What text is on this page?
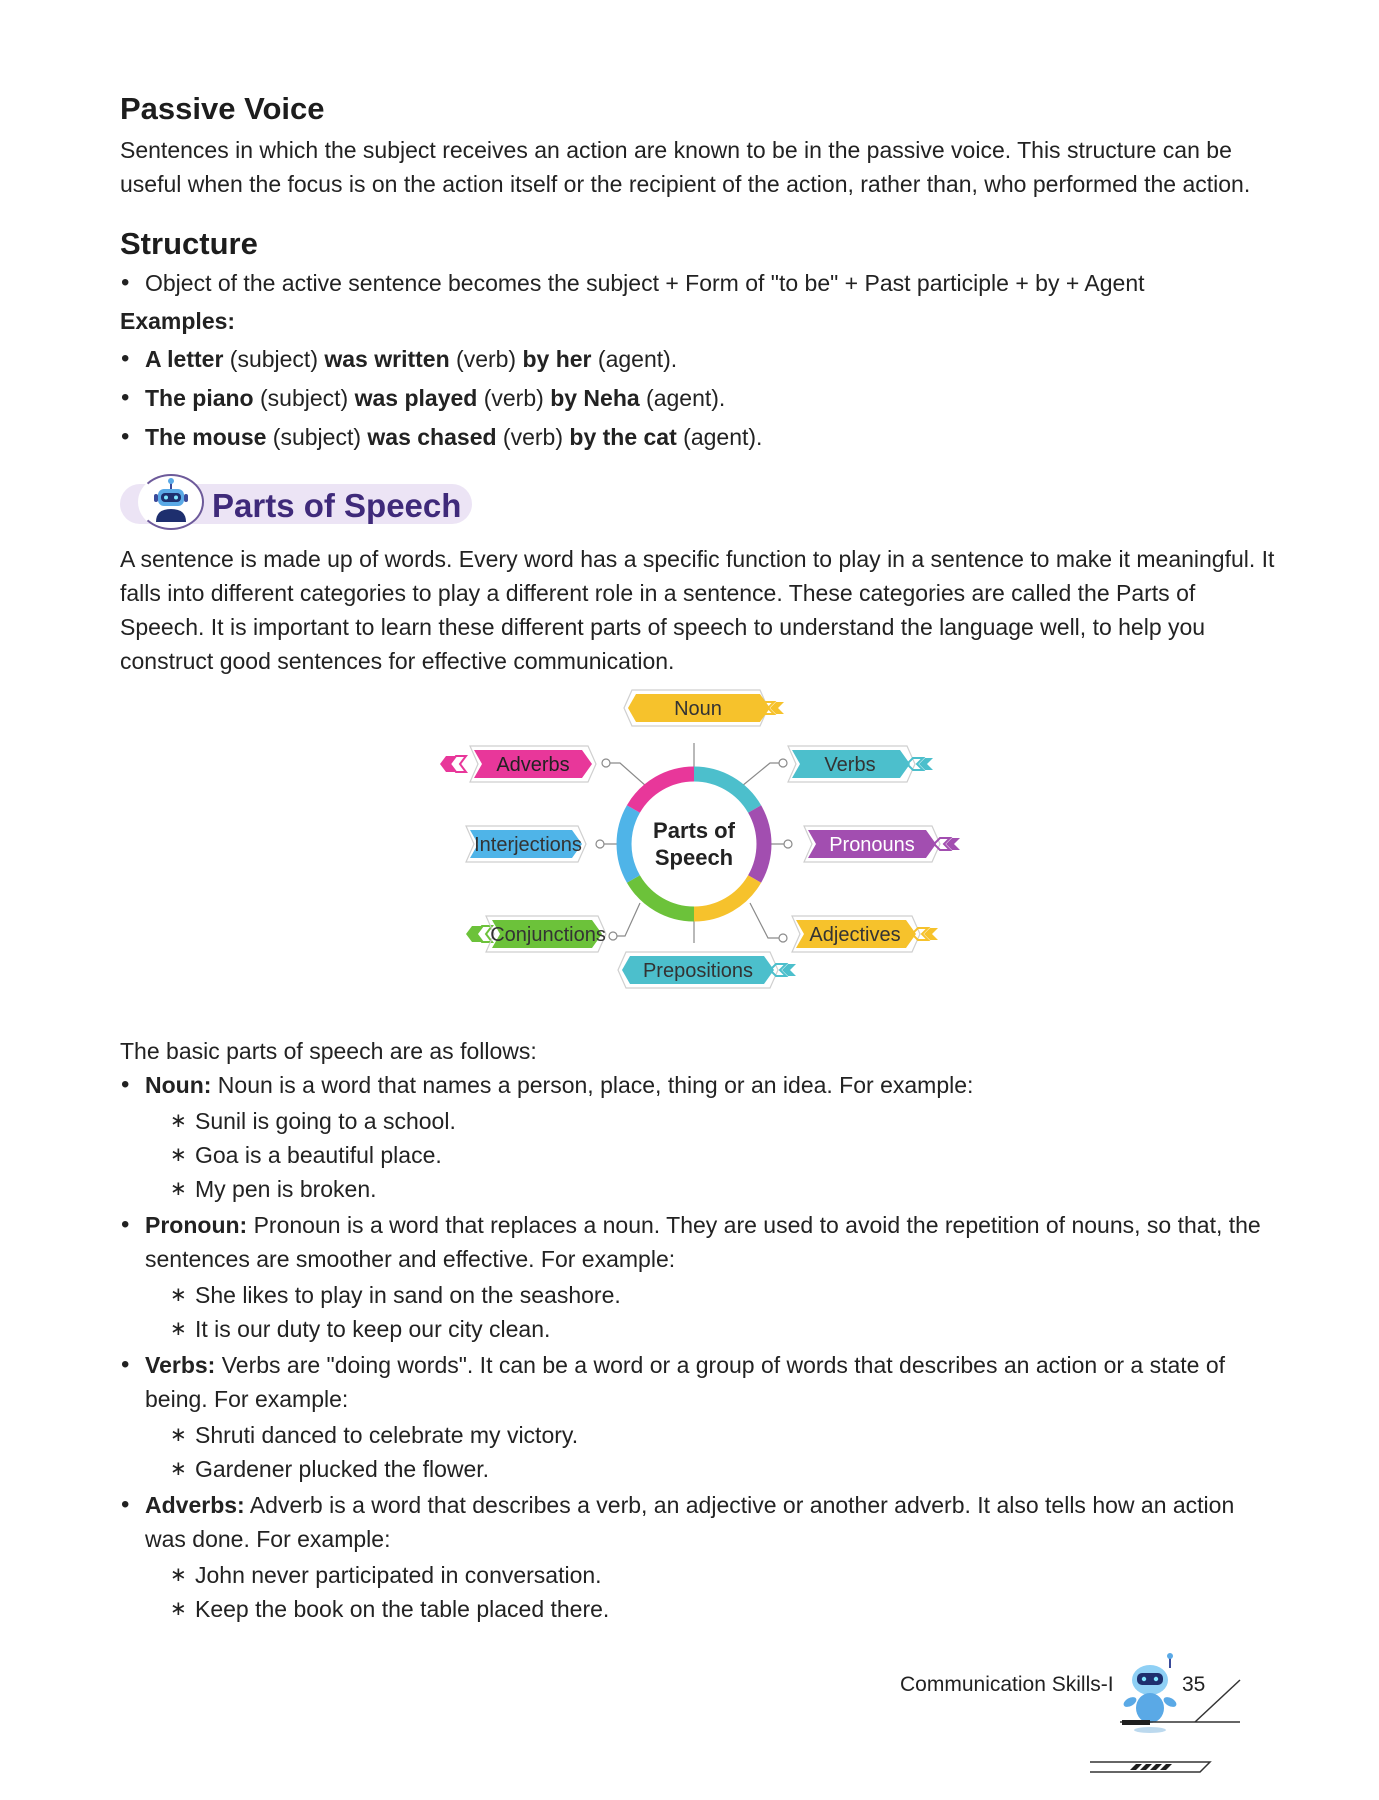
Passive Voice

Sentences in which the subject receives an action are known to be in the passive voice. This structure can be useful when the focus is on the action itself or the recipient of the action, rather than, who performed the action.

Structure
• Object of the active sentence becomes the subject + Form of "to be" + Past participle + by + Agent
Examples:
• A letter (subject) was written (verb) by her (agent).
• The piano (subject) was played (verb) by Neha (agent).
• The mouse (subject) was chased (verb) by the cat (agent).
Parts of Speech

A sentence is made up of words. Every word has a specific function to play in a sentence to make it meaningful. It falls into different categories to play a different role in a sentence. These categories are called the Parts of Speech. It is important to learn these different parts of speech to understand the language well, to help you construct good sentences for effective communication.

Parts of
Speech
Noun
Verbs
Pronouns
Adjectives
Prepositions
Conjunctions
Interjections
Adverbs

The basic parts of speech are as follows:

• Noun: Noun is a word that names a person, place, thing or an idea. For example:
∗ Sunil is going to a school.
∗ Goa is a beautiful place.
∗ My pen is broken.
• Pronoun: Pronoun is a word that replaces a noun. They are used to avoid the repetition of nouns, so that, the sentences are smoother and effective. For example:
∗ She likes to play in sand on the seashore.
∗ It is our duty to keep our city clean.
• Verbs: Verbs are "doing words". It can be a word or a group of words that describes an action or a state of being. For example:
∗ Shruti danced to celebrate my victory.
∗ Gardener plucked the flower.
• Adverbs: Adverb is a word that describes a verb, an adjective or another adverb. It also tells how an action was done. For example:
∗ John never participated in conversation.
∗ Keep the book on the table placed there.
Communication Skills-I	35
